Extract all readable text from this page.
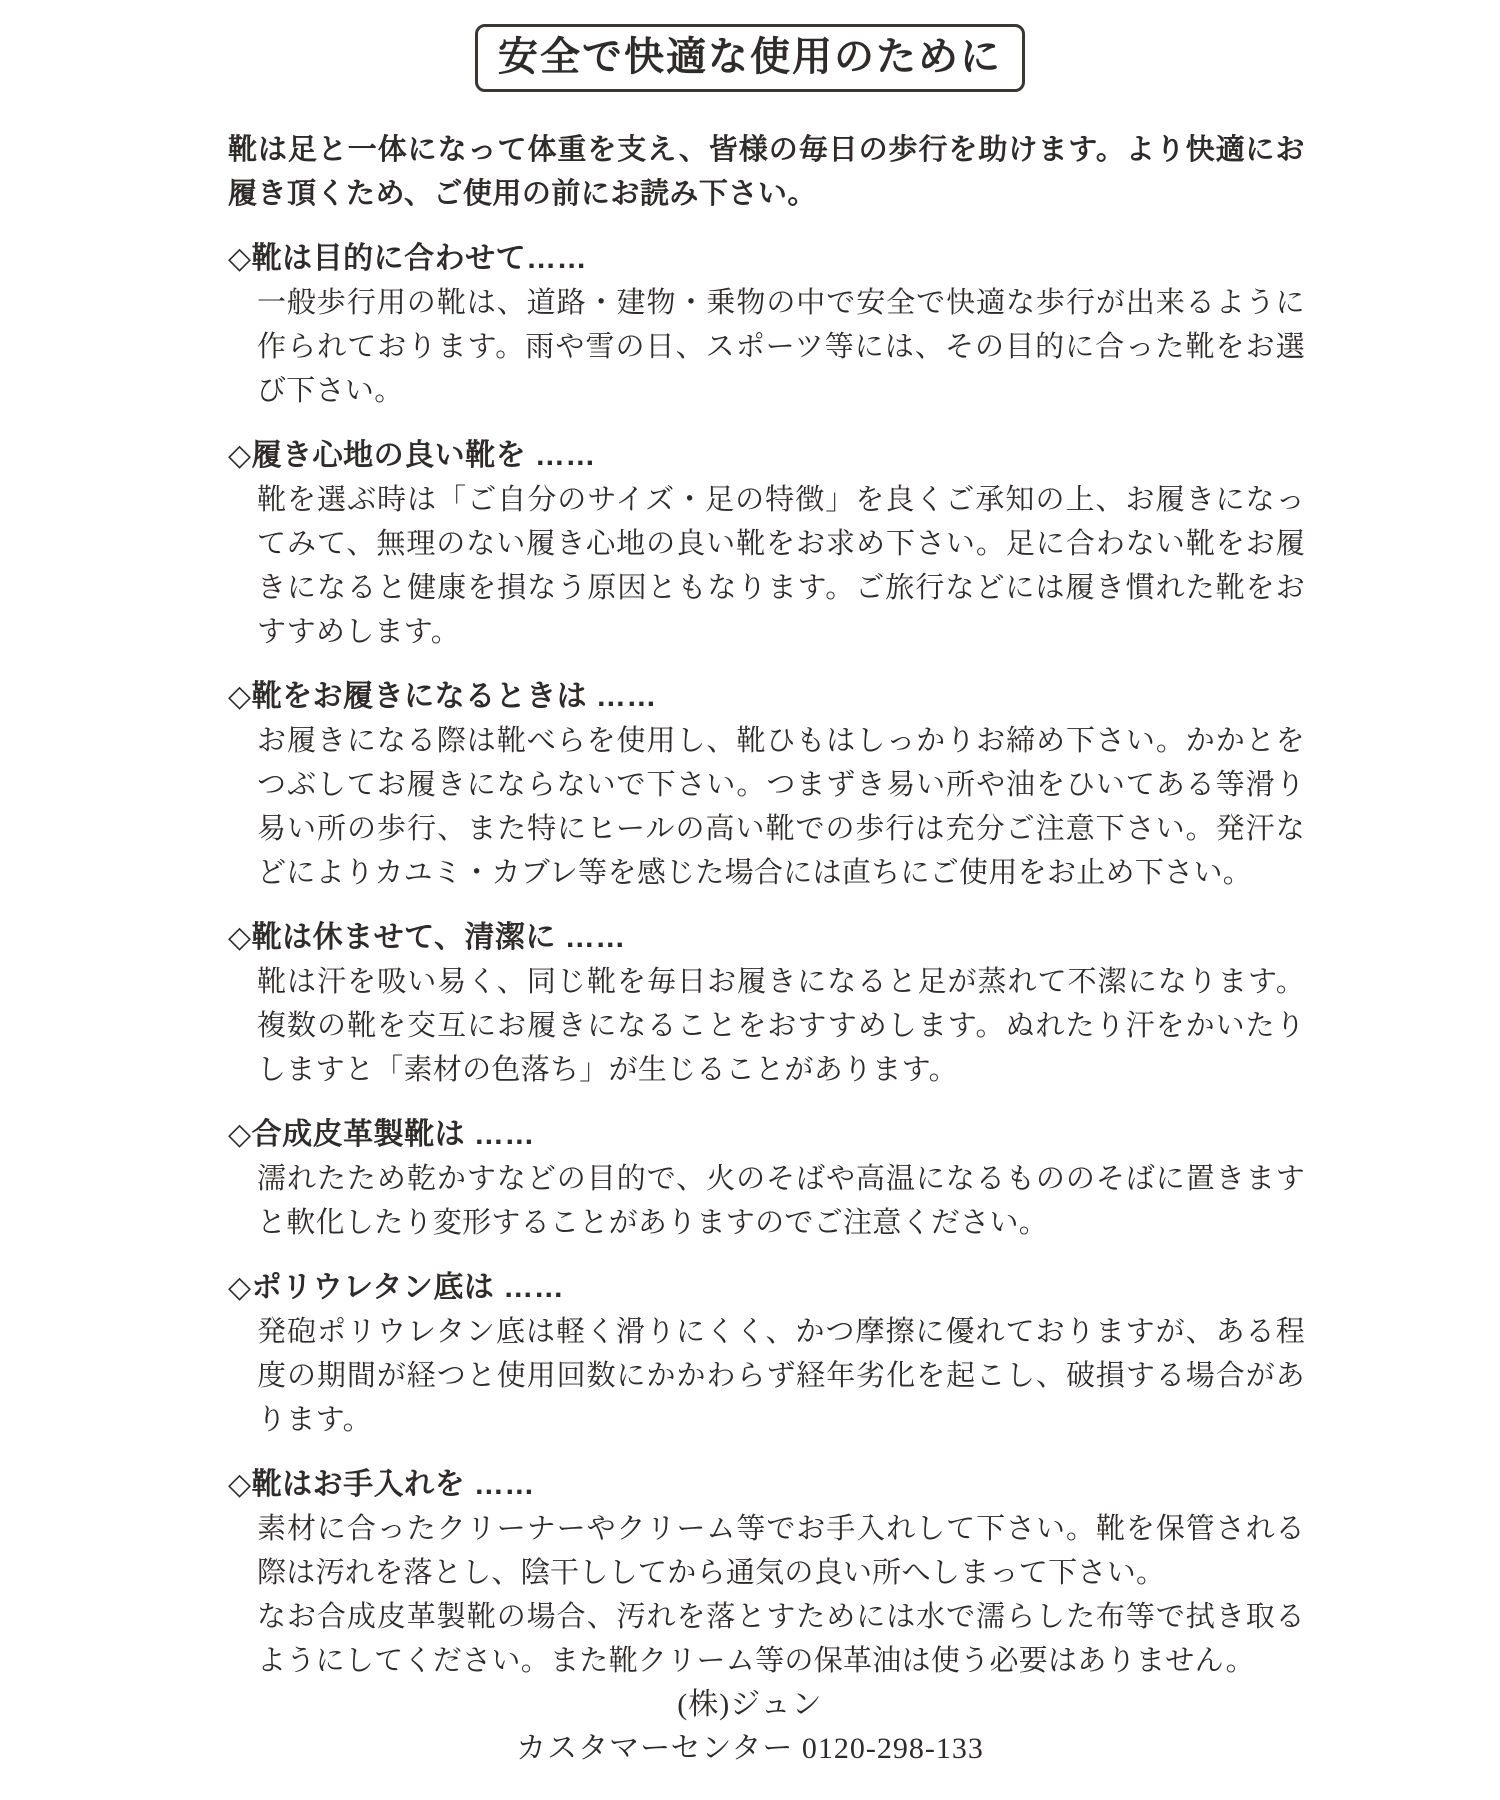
安全で快適な使用のために

靴は足と一体になって体重を支え、皆様の毎日の歩行を助けます。より快適にお履き頂くため、ご使用の前にお読み下さい。

◇靴は目的に合わせて……

一般歩行用の靴は、道路・建物・乗物の中で安全で快適な歩行が出来るように作られております。雨や雪の日、スポーツ等には、その目的に合った靴をお選び下さい。

◇履き心地の良い靴を ……

靴を選ぶ時は「ご自分のサイズ・足の特徴」を良くご承知の上、お履きになってみて、無理のない履き心地の良い靴をお求め下さい。足に合わない靴をお履きになると健康を損なう原因ともなります。ご旅行などには履き慣れた靴をおすすめします。

◇靴をお履きになるときは ……

お履きになる際は靴べらを使用し、靴ひもはしっかりお締め下さい。かかとをつぶしてお履きにならないで下さい。つまずき易い所や油をひいてある等滑り易い所の歩行、また特にヒールの高い靴での歩行は充分ご注意下さい。発汗などによりカユミ・カブレ等を感じた場合には直ちにご使用をお止め下さい。

◇靴は休ませて、清潔に ……

靴は汗を吸い易く、同じ靴を毎日お履きになると足が蒸れて不潔になります。複数の靴を交互にお履きになることをおすすめします。ぬれたり汗をかいたりしますと「素材の色落ち」が生じることがあります。

◇合成皮革製靴は ……

濡れたため乾かすなどの目的で、火のそばや高温になるもののそばに置きますと軟化したり変形することがありますのでご注意ください。

◇ポリウレタン底は ……

発砲ポリウレタン底は軽く滑りにくく、かつ摩擦に優れておりますが、ある程度の期間が経つと使用回数にかかわらず経年劣化を起こし、破損する場合があります。

◇靴はお手入れを ……

素材に合ったクリーナーやクリーム等でお手入れして下さい。靴を保管される際は汚れを落とし、陰干ししてから通気の良い所へしまって下さい。

なお合成皮革製靴の場合、汚れを落とすためには水で濡らした布等で拭き取るようにしてください。また靴クリーム等の保革油は使う必要はありません。

(株)ジュン
カスタマーセンター 0120-298-133
